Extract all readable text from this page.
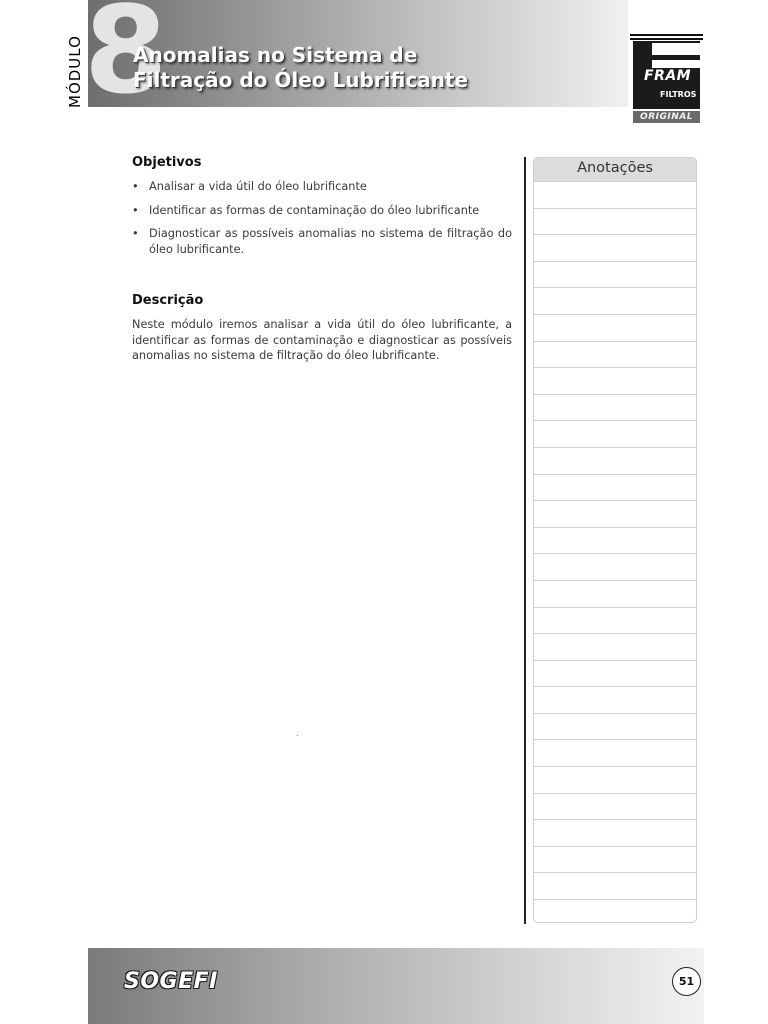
8
MÓDULO Anomalias no Sistema de
Filtração do Óleo Lubrificante	FRAM
FILTROS
ORIGINAL
Objetivos
• Analisar a vida útil do óleo lubrificante
• Identificar as formas de contaminação do óleo lubrificante
• Diagnosticar as possíveis anomalias no sistema de filtração do óleo lubrificante.
Descrição

Neste módulo iremos analisar a vida útil do óleo lubrificante, a identificar as formas de contaminação e diagnosticar as possíveis anomalias no sistema de filtração do óleo lubrificante.

Anotações
SOGEFI	51
